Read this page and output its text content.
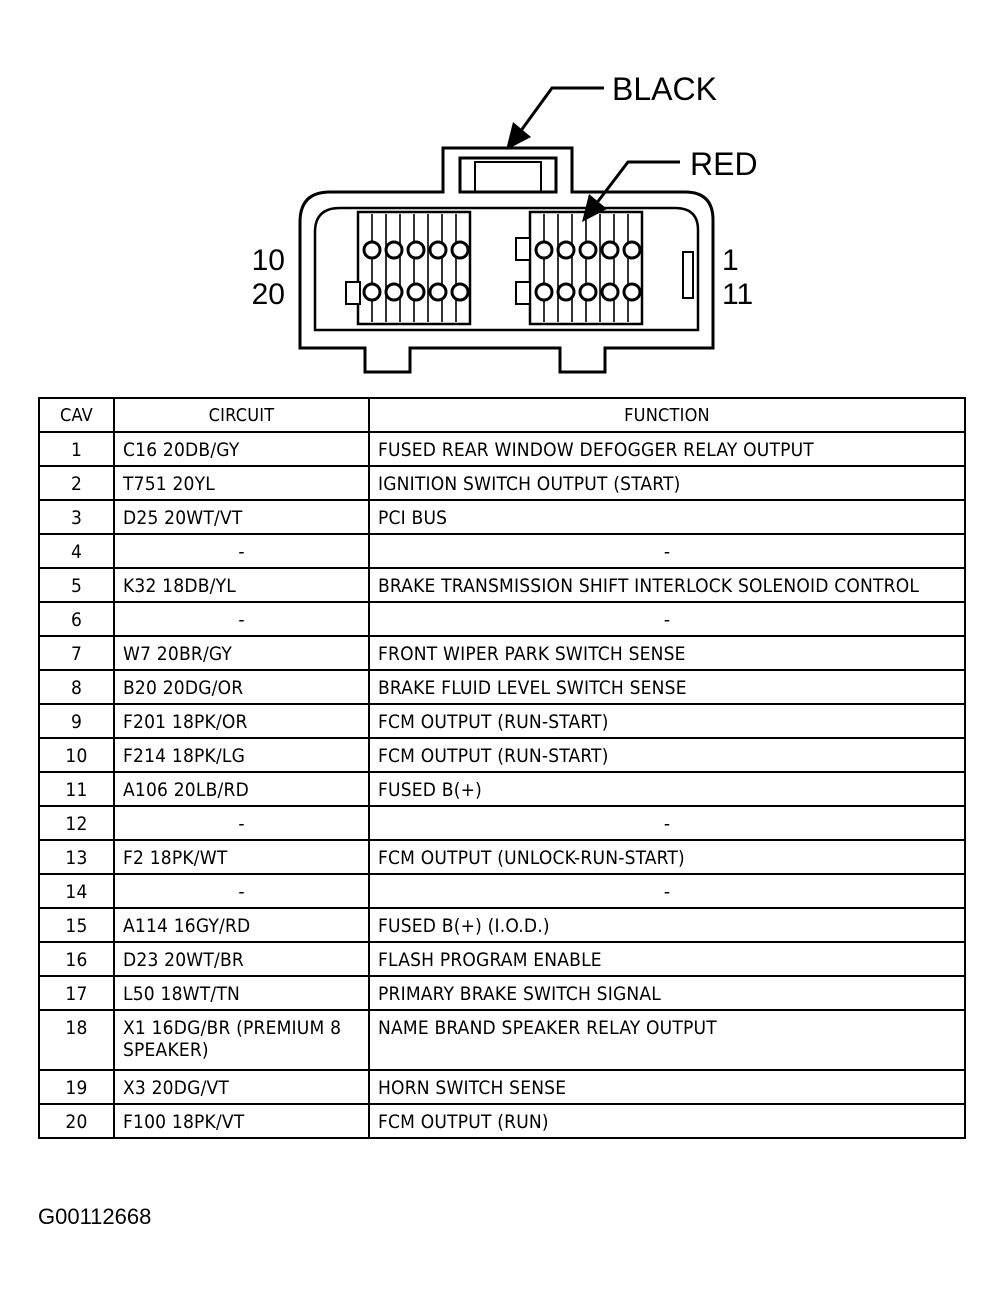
BLACK
RED
10
20
1
11
CAV	CIRCUIT	FUNCTION
1	C16 20DB/GY	FUSED REAR WINDOW DEFOGGER RELAY OUTPUT
2	T751 20YL	IGNITION SWITCH OUTPUT (START)
3	D25 20WT/VT	PCI BUS
4	-	-
5	K32 18DB/YL	BRAKE TRANSMISSION SHIFT INTERLOCK SOLENOID CONTROL
6	-	-
7	W7 20BR/GY	FRONT WIPER PARK SWITCH SENSE
8	B20 20DG/OR	BRAKE FLUID LEVEL SWITCH SENSE
9	F201 18PK/OR	FCM OUTPUT (RUN-START)
10	F214 18PK/LG	FCM OUTPUT (RUN-START)
11	A106 20LB/RD	FUSED B(+)
12	-	-
13	F2 18PK/WT	FCM OUTPUT (UNLOCK-RUN-START)
14	-	-
15	A114 16GY/RD	FUSED B(+) (I.O.D.)
16	D23 20WT/BR	FLASH PROGRAM ENABLE
17	L50 18WT/TN	PRIMARY BRAKE SWITCH SIGNAL
18	X1 16DG/BR (PREMIUM 8 SPEAKER)	NAME BRAND SPEAKER RELAY OUTPUT
19	X3 20DG/VT	HORN SWITCH SENSE
20	F100 18PK/VT	FCM OUTPUT (RUN)
G00112668
